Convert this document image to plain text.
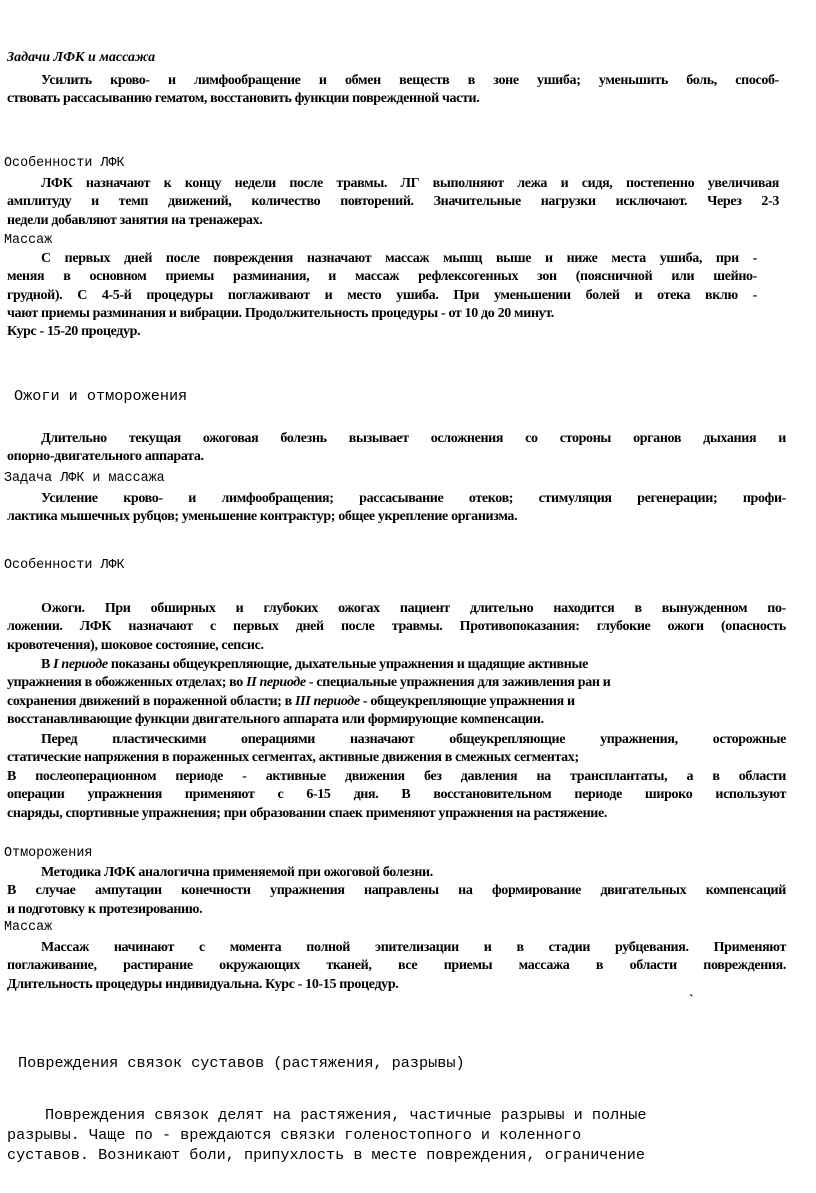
Задачи ЛФК и массажа
Усилить крово- и лимфообращение и обмен веществ в зоне ушиба; уменьшить боль, способ-
ствовать рассасыванию гематом, восстановить функции поврежденной части.
Особенности ЛФК
ЛФК назначают к концу недели после травмы. ЛГ выполняют лежа и сидя, постепенно увеличивая
амплитуду и темп движений, количество повторений. Значительные нагрузки исключают. Через 2-3
недели добавляют занятия на тренажерах.
Массаж
С первых дней после повреждения назначают массаж мышц выше и ниже места ушиба, при -
меняя в основном приемы разминания, и массаж рефлексогенных зон (поясничной или шейно-
грудной). С 4-5-й процедуры поглаживают и место ушиба. При уменьшении болей и отека вклю -
чают приемы разминания и вибрации. Продолжительность процедуры - от 10 до 20 минут.
Курс - 15-20 процедур.
Ожоги и отморожения
Длительно текущая ожоговая болезнь вызывает осложнения со стороны органов дыхания и
опорно-двигательного аппарата.
Задача ЛФК и массажа
Усиление крово- и лимфообращения; рассасывание отеков; стимуляция регенерации; профи-
лактика мышечных рубцов; уменьшение контрактур; общее укрепление организма.
Особенности ЛФК
Ожоги. При обширных и глубоких ожогах пациент длительно находится в вынужденном по-
ложении. ЛФК назначают с первых дней после травмы. Противопоказания: глубокие ожоги (опасность
кровотечения), шоковое состояние, сепсис.
В I периоде показаны общеукрепляющие, дыхательные упражнения и щадящие активные
упражнения в обожженных отделах; во II периоде - специальные упражнения для заживления ран и
сохранения движений в пораженной области; в III периоде - общеукрепляющие упражнения и
восстанавливающие функции двигательного аппарата или формирующие компенсации.
Перед пластическими операциями назначают общеукрепляющие упражнения, осторожные
статические напряжения в пораженных сегментах, активные движения в смежных сегментах;
В послеоперационном периоде - активные движения без давления на трансплантаты, а в области
операции упражнения применяют с 6-15 дня. В восстановительном периоде широко используют
снаряды, спортивные упражнения; при образовании спаек применяют упражнения на растяжение.
Отморожения
Методика ЛФК аналогична применяемой при ожоговой болезни.
В случае ампутации конечности упражнения направлены на формирование двигательных компенсаций
и подготовку к протезированию.
Массаж
Массаж начинают с момента полной эпителизации и в стадии рубцевания. Применяют
поглаживание, растирание окружающих тканей, все приемы массажа в области повреждения.
Длительность процедуры индивидуальна. Курс - 10-15 процедур.
`
Повреждения связок суставов (растяжения, разрывы)
Повреждения связок делят на растяжения, частичные разрывы и полные
разрывы. Чаще по - вреждаются связки голеностопного и коленного
суставов. Возникают боли, припухлость в месте повреждения, ограничение
